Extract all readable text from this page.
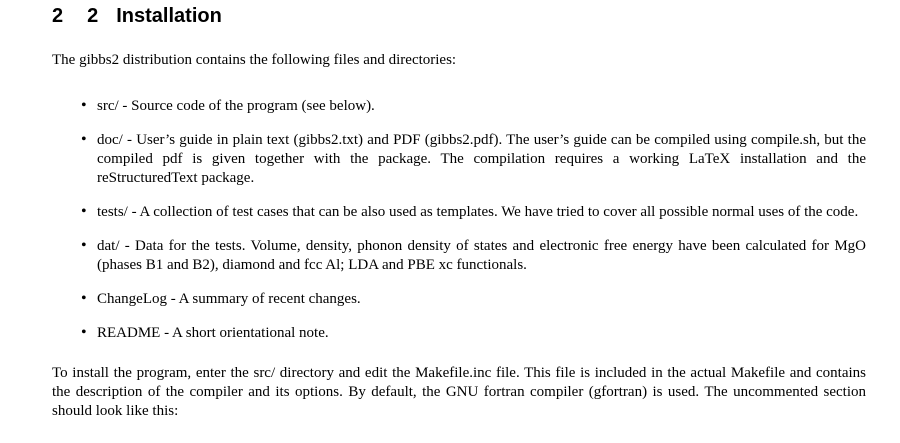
2 2 Installation

The gibbs2 distribution contains the following files and directories:

• src/ - Source code of the program (see below).
• doc/ - User’s guide in plain text (gibbs2.txt) and PDF (gibbs2.pdf). The user’s guide can be compiled using compile.sh, but the compiled pdf is given together with the package. The compilation requires a working LaTeX installation and the reStructuredText package.
• tests/ - A collection of test cases that can be also used as templates. We have tried to cover all possible normal uses of the code.
• dat/ - Data for the tests. Volume, density, phonon density of states and electronic free energy have been calculated for MgO (phases B1 and B2), diamond and fcc Al; LDA and PBE xc functionals.
• ChangeLog - A summary of recent changes.
• README - A short orientational note.

To install the program, enter the src/ directory and edit the Makefile.inc file. This file is included in the actual Makefile and contains the description of the compiler and its options. By default, the GNU fortran compiler (gfortran) is used. The uncommented section should look like this:
